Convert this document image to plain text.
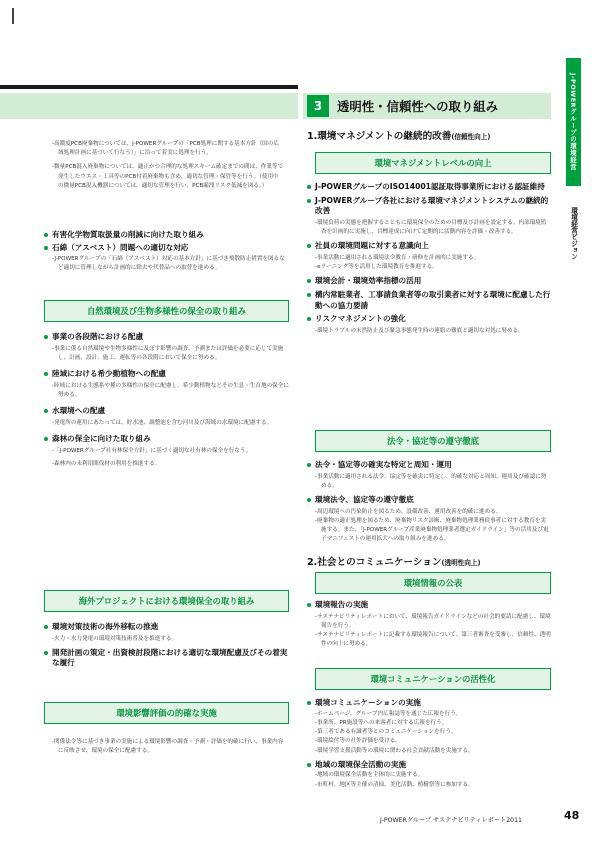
3	透明性・信頼性への取り組み	J-POWERグループの環境経営
環境経営ビジョン

-高濃度PCB廃棄物については、J-POWERグループの「PCB処理に関する基本方針（国の広域処理計画に基づいて行なう）」に沿って着実に処理を行う。

-微量PCB混入廃棄物については、適正かつ合理的な処理スキーム確定までの間は、作業等で発生したウエス・工具等のPCB付着廃棄物も含め、適切な管理・保管等を行う。（使用中の微量PCB混入機器については、適切な管理を行い、PCB漏洩リスク低減を図る。）

有害化学物質取扱量の削減に向けた取り組み

石綿（アスベスト）問題への適切な対応

-J-POWERグループの「石綿（アスベスト）対応の基本方針」に基づき飛散防止措置を図るなど適切に管理しながら計画的に除去や代替品への取替を進める。

自然環境及び生物多様性の保全の取り組み

事業の各段階における配慮

-事業に係る自然環境や生物多様性に及ぼす影響の調査、予測または評価を必要に応じて実施し、計画、設計、施工、運転等の各段階において保全に努める。

陸域における希少動植物への配慮

-陸域における生態系や種の多様性の保全に配慮し、希少動植物などその生息・生育地の保全に努める。

水環境への配慮

-発電所の運用にあたっては、貯水池、調整池を含む河川及び海域の水環境に配慮する。

森林の保全に向けた取り組み

-「J-POWERグループ社有林保全方針」に基づく適切な社有林の保全を行なう。

-森林内の未利用間伐材の利用を推進する。

海外プロジェクトにおける環境保全の取り組み

環境対策技術の海外移転の推進

-火力・水力発電の環境対策技術普及を推進する。

開発計画の策定・出資検討段階における適切な環境配慮及びその着実な履行

環境影響評価の的確な実施

-関係法令等に基づき事業の実施による環境影響の調査・予測・評価を的確に行い、事業内容に反映させ、環境の保全に配慮する。

1.環境マネジメントの継続的改善(信頼性向上)
環境マネジメントレベルの向上

J-POWERグループのISO14001認証取得事業所における認証維持

J-POWERグループ各社における環境マネジメントシステムの継続的改善

-環境負荷の実態を把握するとともに環境保全のための目標及び計画を設定する。内部環境監査を計画的に実施し、目標達成に向けて定期的に活動内容を評価・改善する。

社員の環境問題に対する意識向上

-事業活動に適用される環境法令教育・研修を計画的に実施する。

-eラーニング等を活用した環境教育を推進する。

環境会計・環境効率指標の活用

構内常駐業者、工事請負業者等の取引業者に対する環境に配慮した行動への協力要請

リスクマネジメントの強化

-環境トラブルの未然防止及び緊急事態発生時の連絡の徹底と適切な対処に努める。

法令・協定等の遵守徹底

法令・協定等の確実な特定と周知・運用

-事業活動に適用される法令、協定等を確実に特定し、的確な対応と周知、運用及び確認に努める。

環境法令、協定等の遵守徹底

-周辺環境への汚染防止を図るため、設備改善、運用改善を的確に進める。

-廃棄物の適正処理を図るため、廃棄物リスク診断、廃棄物処理業務従事者に対する教育を実施する。また、「J-POWERグループ産業廃棄物処理業者選定ガイドライン」等の活用及び電子マニフェストの運用拡大への取り組みを進める。

2.社会とのコミュニケーション(透明性向上)
環境情報の公表

環境報告の実施

-サステナビリティレポートにおいて、環境報告ガイドラインなどの社会的要請に配慮し、環境報告を行う。

-サステナビリティレポートに記載する環境報告について、第三者審査を受審し、信頼性、透明性の向上に努める。

環境コミュニケーションの活性化

環境コミュニケーションの実施

-ホームページ、グループ内広報誌等を通じた広報を行う。

-事業所、PR施設等への来客者に対する広報を行う。

-第三者である有識者等とのコミュニケーションを行う。

-環境絵付等の社外評価を受ける。

-環境学習支援活動等の環境に関わる社会貢献活動を実施する。

地域の環境保全活動の実施

-地域の環境保全活動を主体的に実施する。

-市町村、地区等主催の清掃、美化活動、植樹祭等に参加する。

J-POWERグループ サステナビリティレポート2011	48
